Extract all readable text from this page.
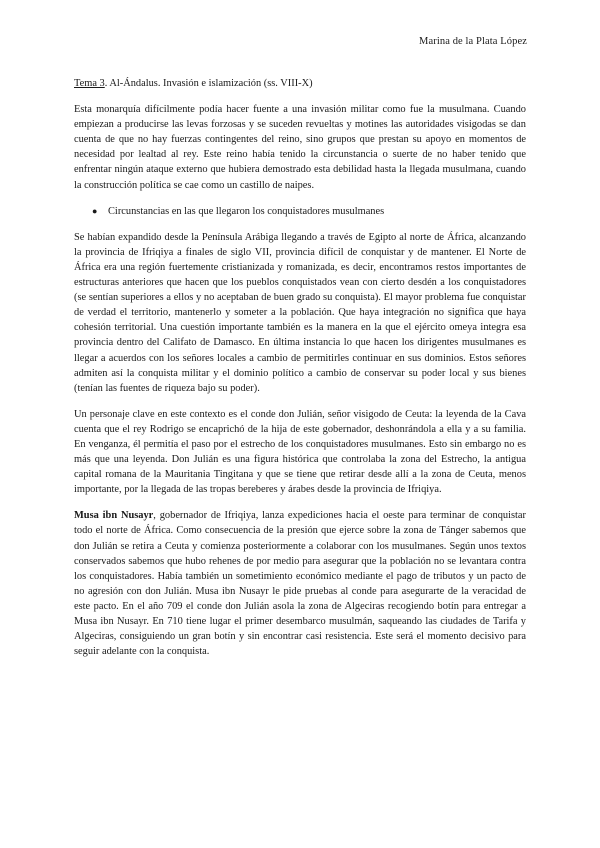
Marina de la Plata López
Tema 3. Al-Ándalus. Invasión e islamización (ss. VIII-X)

Esta monarquía difícilmente podía hacer fuente a una invasión militar como fue la musulmana. Cuando empiezan a producirse las levas forzosas y se suceden revueltas y motines las autoridades visigodas se dan cuenta de que no hay fuerzas contingentes del reino, sino grupos que prestan su apoyo en momentos de necesidad por lealtad al rey. Este reino había tenido la circunstancia o suerte de no haber tenido que enfrentar ningún ataque externo que hubiera demostrado esta debilidad hasta la llegada musulmana, cuando la construcción política se cae como un castillo de naipes.

●	Circunstancias en las que llegaron los conquistadores musulmanes

Se habían expandido desde la Península Arábiga llegando a través de Egipto al norte de África, alcanzando la provincia de Ifriqiya a finales de siglo VII, provincia difícil de conquistar y de mantener. El Norte de África era una región fuertemente cristianizada y romanizada, es decir, encontramos restos importantes de estructuras anteriores que hacen que los pueblos conquistados vean con cierto desdén a los conquistadores (se sentían superiores a ellos y no aceptaban de buen grado su conquista). El mayor problema fue conquistar de verdad el territorio, mantenerlo y someter a la población. Que haya integración no significa que haya cohesión territorial. Una cuestión importante también es la manera en la que el ejército omeya integra esa provincia dentro del Califato de Damasco. En última instancia lo que hacen los dirigentes musulmanes es llegar a acuerdos con los señores locales a cambio de permitirles continuar en sus dominios. Estos señores admiten así la conquista militar y el dominio político a cambio de conservar su poder local y sus bienes (tenían las fuentes de riqueza bajo su poder).

Un personaje clave en este contexto es el conde don Julián, señor visigodo de Ceuta: la leyenda de la Cava cuenta que el rey Rodrigo se encaprichó de la hija de este gobernador, deshonrándola a ella y a su familia. En venganza, él permitía el paso por el estrecho de los conquistadores musulmanes. Esto sin embargo no es más que una leyenda. Don Julián es una figura histórica que controlaba la zona del Estrecho, la antigua capital romana de la Mauritania Tingitana y que se tiene que retirar desde allí a la zona de Ceuta, menos importante, por la llegada de las tropas bereberes y árabes desde la provincia de Ifriqiya.

Musa ibn Nusayr, gobernador de Ifriqiya, lanza expediciones hacia el oeste para terminar de conquistar todo el norte de África. Como consecuencia de la presión que ejerce sobre la zona de Tánger sabemos que don Julián se retira a Ceuta y comienza posteriormente a colaborar con los musulmanes. Según unos textos conservados sabemos que hubo rehenes de por medio para asegurar que la población no se levantara contra los conquistadores. Había también un sometimiento económico mediante el pago de tributos y un pacto de no agresión con don Julián. Musa ibn Nusayr le pide pruebas al conde para asegurarte de la veracidad de este pacto. En el año 709 el conde don Julián asola la zona de Algeciras recogiendo botín para entregar a Musa ibn Nusayr. En 710 tiene lugar el primer desembarco musulmán, saqueando las ciudades de Tarifa y Algeciras, consiguiendo un gran botín y sin encontrar casi resistencia. Este será el momento decisivo para seguir adelante con la conquista.
